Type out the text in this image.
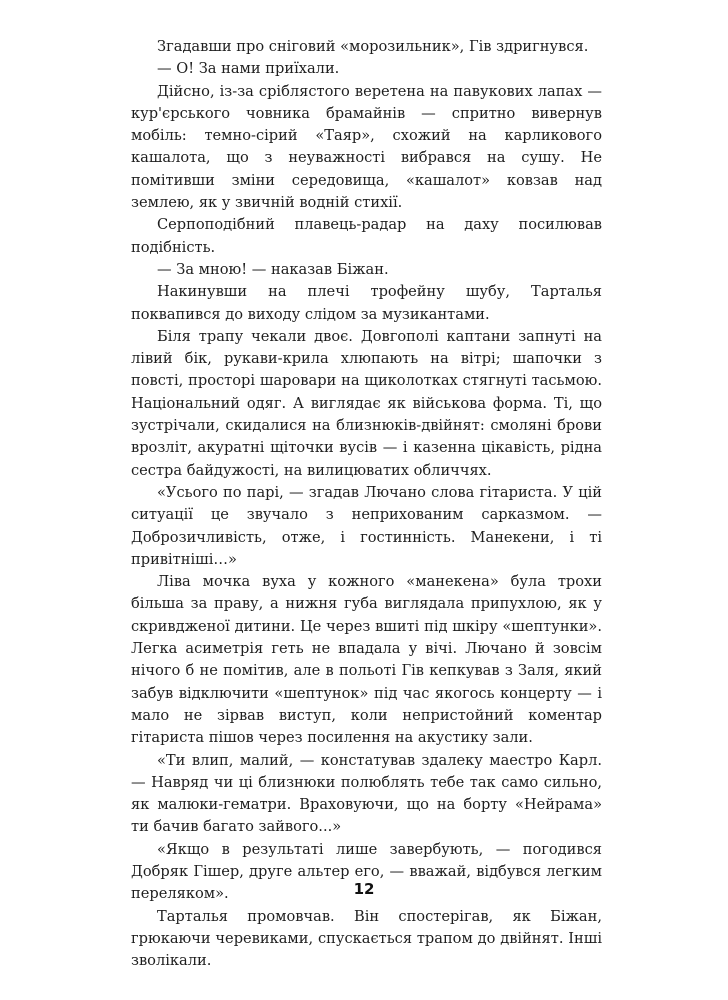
Згадавши про сніговий «морозильник», Гів здригнувся.

— О! За нами приїхали.

Дійсно, із-за сріблястого веретена на павукових лапах — кур'єрського човника брамайнів — спритно вивернув мобіль: темно-сірий «Таяр», схожий на карликового кашалота, що з неуважності вибрався на сушу. Не помітивши зміни середовища, «кашалот» ковзав над землею, як у звичній водній стихії.

Серпоподібний плавець-радар на даху посилював подібність.

— За мною! — наказав Біжан.

Накинувши на плечі трофейну шубу, Тарталья поквапився до виходу слідом за музикантами.

Біля трапу чекали двоє. Довгополі каптани запнуті на лівий бік, рукави-крила хлюпають на вітрі; шапочки з повсті, просторі шаровари на щиколотках стягнуті тасьмою. Національний одяг. А виглядає як військова форма. Ті, що зустрічали, скидалися на близнюків-двійнят: смоляні брови врозліт, акуратні щіточки вусів — і казенна цікавість, рідна сестра байдужості, на вилицюватих обличчях.

«Усього по парі, — згадав Лючано слова гітариста. У цій ситуації це звучало з неприхованим сарказмом. — Доброзичливість, отже, і гостинність. Манекени, і ті привітніші…»

Ліва мочка вуха у кожного «манекена» була трохи більша за праву, а нижня губа виглядала припухлою, як у скривдженої дитини. Це через вшиті під шкіру «шептунки». Легка асиметрія геть не впадала у вічі. Лючано й зовсім нічого б не помітив, але в польоті Гів кепкував з Заля, який забув відключити «шептунок» під час якогось концерту — і мало не зірвав виступ, коли непристойний коментар гітариста пішов через посилення на акустику зали.

«Ти влип, малий, — констатував здалеку маестро Карл. — Навряд чи ці близнюки полюблять тебе так само сильно, як малюки-гематри. Враховуючи, що на борту «Нейрама» ти бачив багато зайвого...»

«Якщо в результаті лише завербують, — погодився Добряк Гішер, друге альтер его, — вважай, відбувся легким переляком».

Тарталья промовчав. Він спостерігав, як Біжан, грюкаючи черевиками, спускається трапом до двійнят. Інші зволікали.

12
